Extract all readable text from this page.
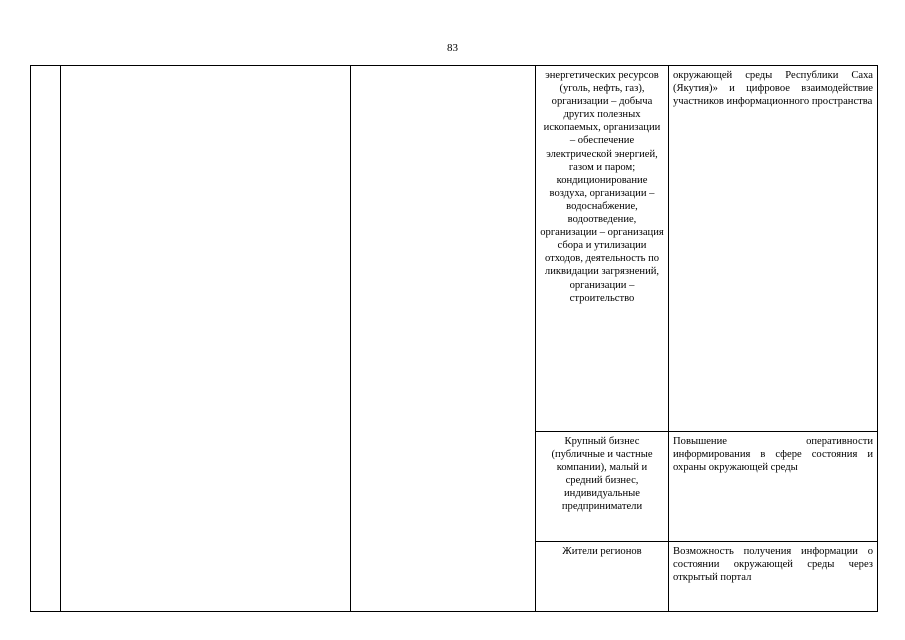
83
			энергетических ресурсов (уголь, нефть, газ), организации – добыча других полезных ископаемых, организации – обеспечение электрической энергией, газом и паром; кондиционирование воздуха, организации – водоснабжение, водоотведение, организации – организация сбора и утилизации отходов, деятельность по ликвидации загрязнений, организации – строительство	окружающей среды Республики Саха (Якутия)» и цифровое взаимодействие участников информационного пространства
			Крупный бизнес (публичные и частные компании), малый и средний бизнес, индивидуальные предприниматели	Повышение оперативности информирования в сфере состояния и охраны окружающей среды
			Жители регионов	Возможность получения информации о состоянии окружающей среды через открытый портал
